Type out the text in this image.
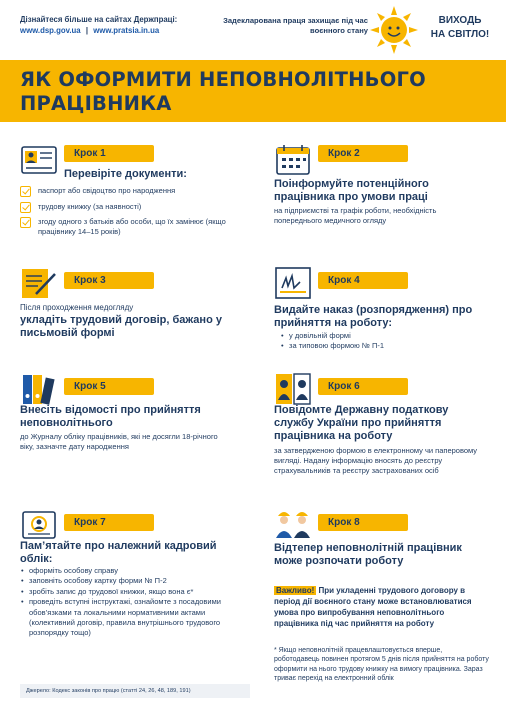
Дізнайтеся більше на сайтах Держпраці:
www.dsp.gov.ua | www.pratsia.in.ua
Задекларована праця захищає під час воєнного стану
ВИХОДЬ
НА СВІТЛО!
ЯК ОФОРМИТИ НЕПОВНОЛІТНЬОГО ПРАЦІВНИКА
Крок 1
Перевіріте документи:
паспорт або свідоцтво про народження
трудову книжку (за наявності)
згоду одного з батьків або особи, що їх замінює (якщо працівнику 14–15 років)
Крок 2
Поінформуйте потенційного працівника про умови праці
на підприємстві та графік роботи, необхідність попереднього медичного огляду
Крок 3
Після проходження медогляду
укладіть трудовий договір, бажано у письмовій формі
Крок 4
Видайте наказ (розпорядження) про прийняття на роботу:
• у довільній формі
• за типовою формою № П-1
Крок 5
Внесіть відомості про прийняття неповнолітнього
до Журналу обліку працівників, які не досягли 18-річного віку, зазначте дату народження
Крок 6
Повідомте Державну податкову службу України про прийняття працівника на роботу
за затвердженою формою в електронному чи паперовому вигляді. Надану інформацію вносять до реєстру страхувальників та реєстру застрахованих осіб
Крок 7
Пам’ятайте про належний кадровий облік:
• оформіть особову справу
• заповніть особову картку форми № П-2
• зробіть запис до трудової книжки, якщо вона є*
• проведіть вступні інструктажі, ознайомте з посадовими обов’язками та локальними нормативними актами (колективний договір, правила внутрішнього трудового розпорядку тощо)
Крок 8
Відтепер неповнолітній працівник може розпочати роботу
Важливо! При укладенні трудового договору в період дії воєнного стану може встановлюватися умова про випробування неповнолітнього працівника під час прийняття на роботу
* Якщо неповнолітній працевлаштовується вперше, роботодавець повинен протягом 5 днів після прийняття на роботу оформити на нього трудову книжку на вимогу працівника. Зараз триває перехід на електронний облік
Джерело: Кодекс законів про працю (статті 24, 26, 48, 189, 191)
